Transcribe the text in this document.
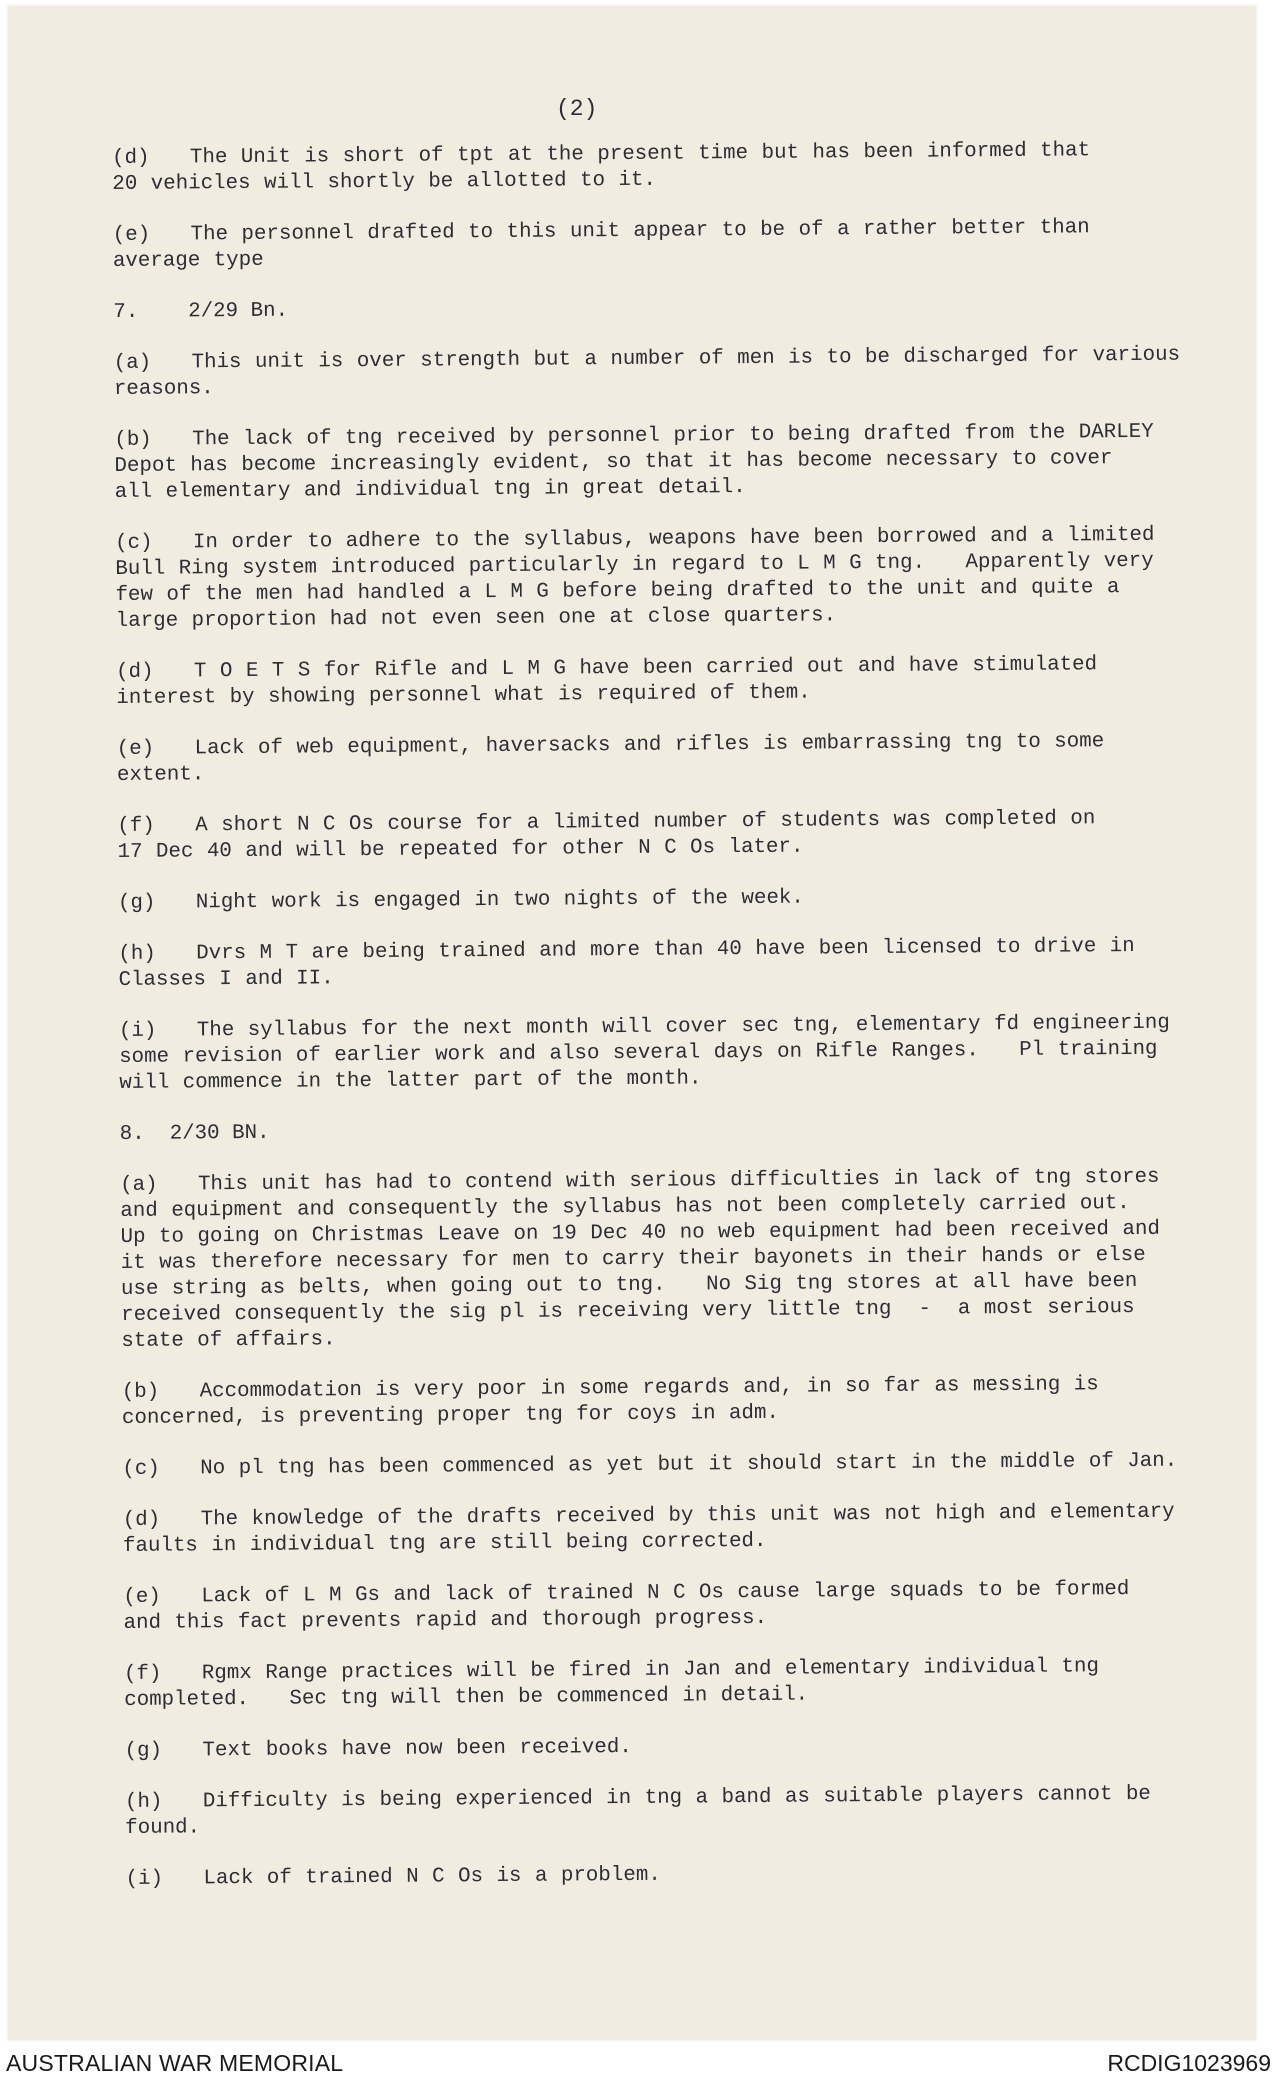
(2)
(d)   The Unit is short of tpt at the present time but has been informed that
20 vehicles will shortly be allotted to it.
(e)   The personnel drafted to this unit appear to be of a rather better than
average type
7.    2/29 Bn.
(a)   This unit is over strength but a number of men is to be discharged for various
reasons.
(b)   The lack of tng received by personnel prior to being drafted from the DARLEY
Depot has become increasingly evident, so that it has become necessary to cover
all elementary and individual tng in great detail.
(c)   In order to adhere to the syllabus, weapons have been borrowed and a limited
Bull Ring system introduced particularly in regard to L M G tng.   Apparently very
few of the men had handled a L M G before being drafted to the unit and quite a
large proportion had not even seen one at close quarters.
(d)   T O E T S for Rifle and L M G have been carried out and have stimulated
interest by showing personnel what is required of them.
(e)   Lack of web equipment, haversacks and rifles is embarrassing tng to some
extent.
(f)   A short N C Os course for a limited number of students was completed on
17 Dec 40 and will be repeated for other N C Os later.
(g)   Night work is engaged in two nights of the week.
(h)   Dvrs M T are being trained and more than 40 have been licensed to drive in
Classes I and II.
(i)   The syllabus for the next month will cover sec tng, elementary fd engineering
some revision of earlier work and also several days on Rifle Ranges.   Pl training
will commence in the latter part of the month.
8.  2/30 BN.
(a)   This unit has had to contend with serious difficulties in lack of tng stores
and equipment and consequently the syllabus has not been completely carried out.
Up to going on Christmas Leave on 19 Dec 40 no web equipment had been received and
it was therefore necessary for men to carry their bayonets in their hands or else
use string as belts, when going out to tng.   No Sig tng stores at all have been
received consequently the sig pl is receiving very little tng  -  a most serious
state of affairs.
(b)   Accommodation is very poor in some regards and, in so far as messing is
concerned, is preventing proper tng for coys in adm.
(c)   No pl tng has been commenced as yet but it should start in the middle of Jan.
(d)   The knowledge of the drafts received by this unit was not high and elementary
faults in individual tng are still being corrected.
(e)   Lack of L M Gs and lack of trained N C Os cause large squads to be formed
and this fact prevents rapid and thorough progress.
(f)   Rgmx Range practices will be fired in Jan and elementary individual tng
completed.   Sec tng will then be commenced in detail.
(g)   Text books have now been received.
(h)   Difficulty is being experienced in tng a band as suitable players cannot be
found.
(i)   Lack of trained N C Os is a problem.
AUSTRALIAN WAR MEMORIAL	RCDIG1023969
